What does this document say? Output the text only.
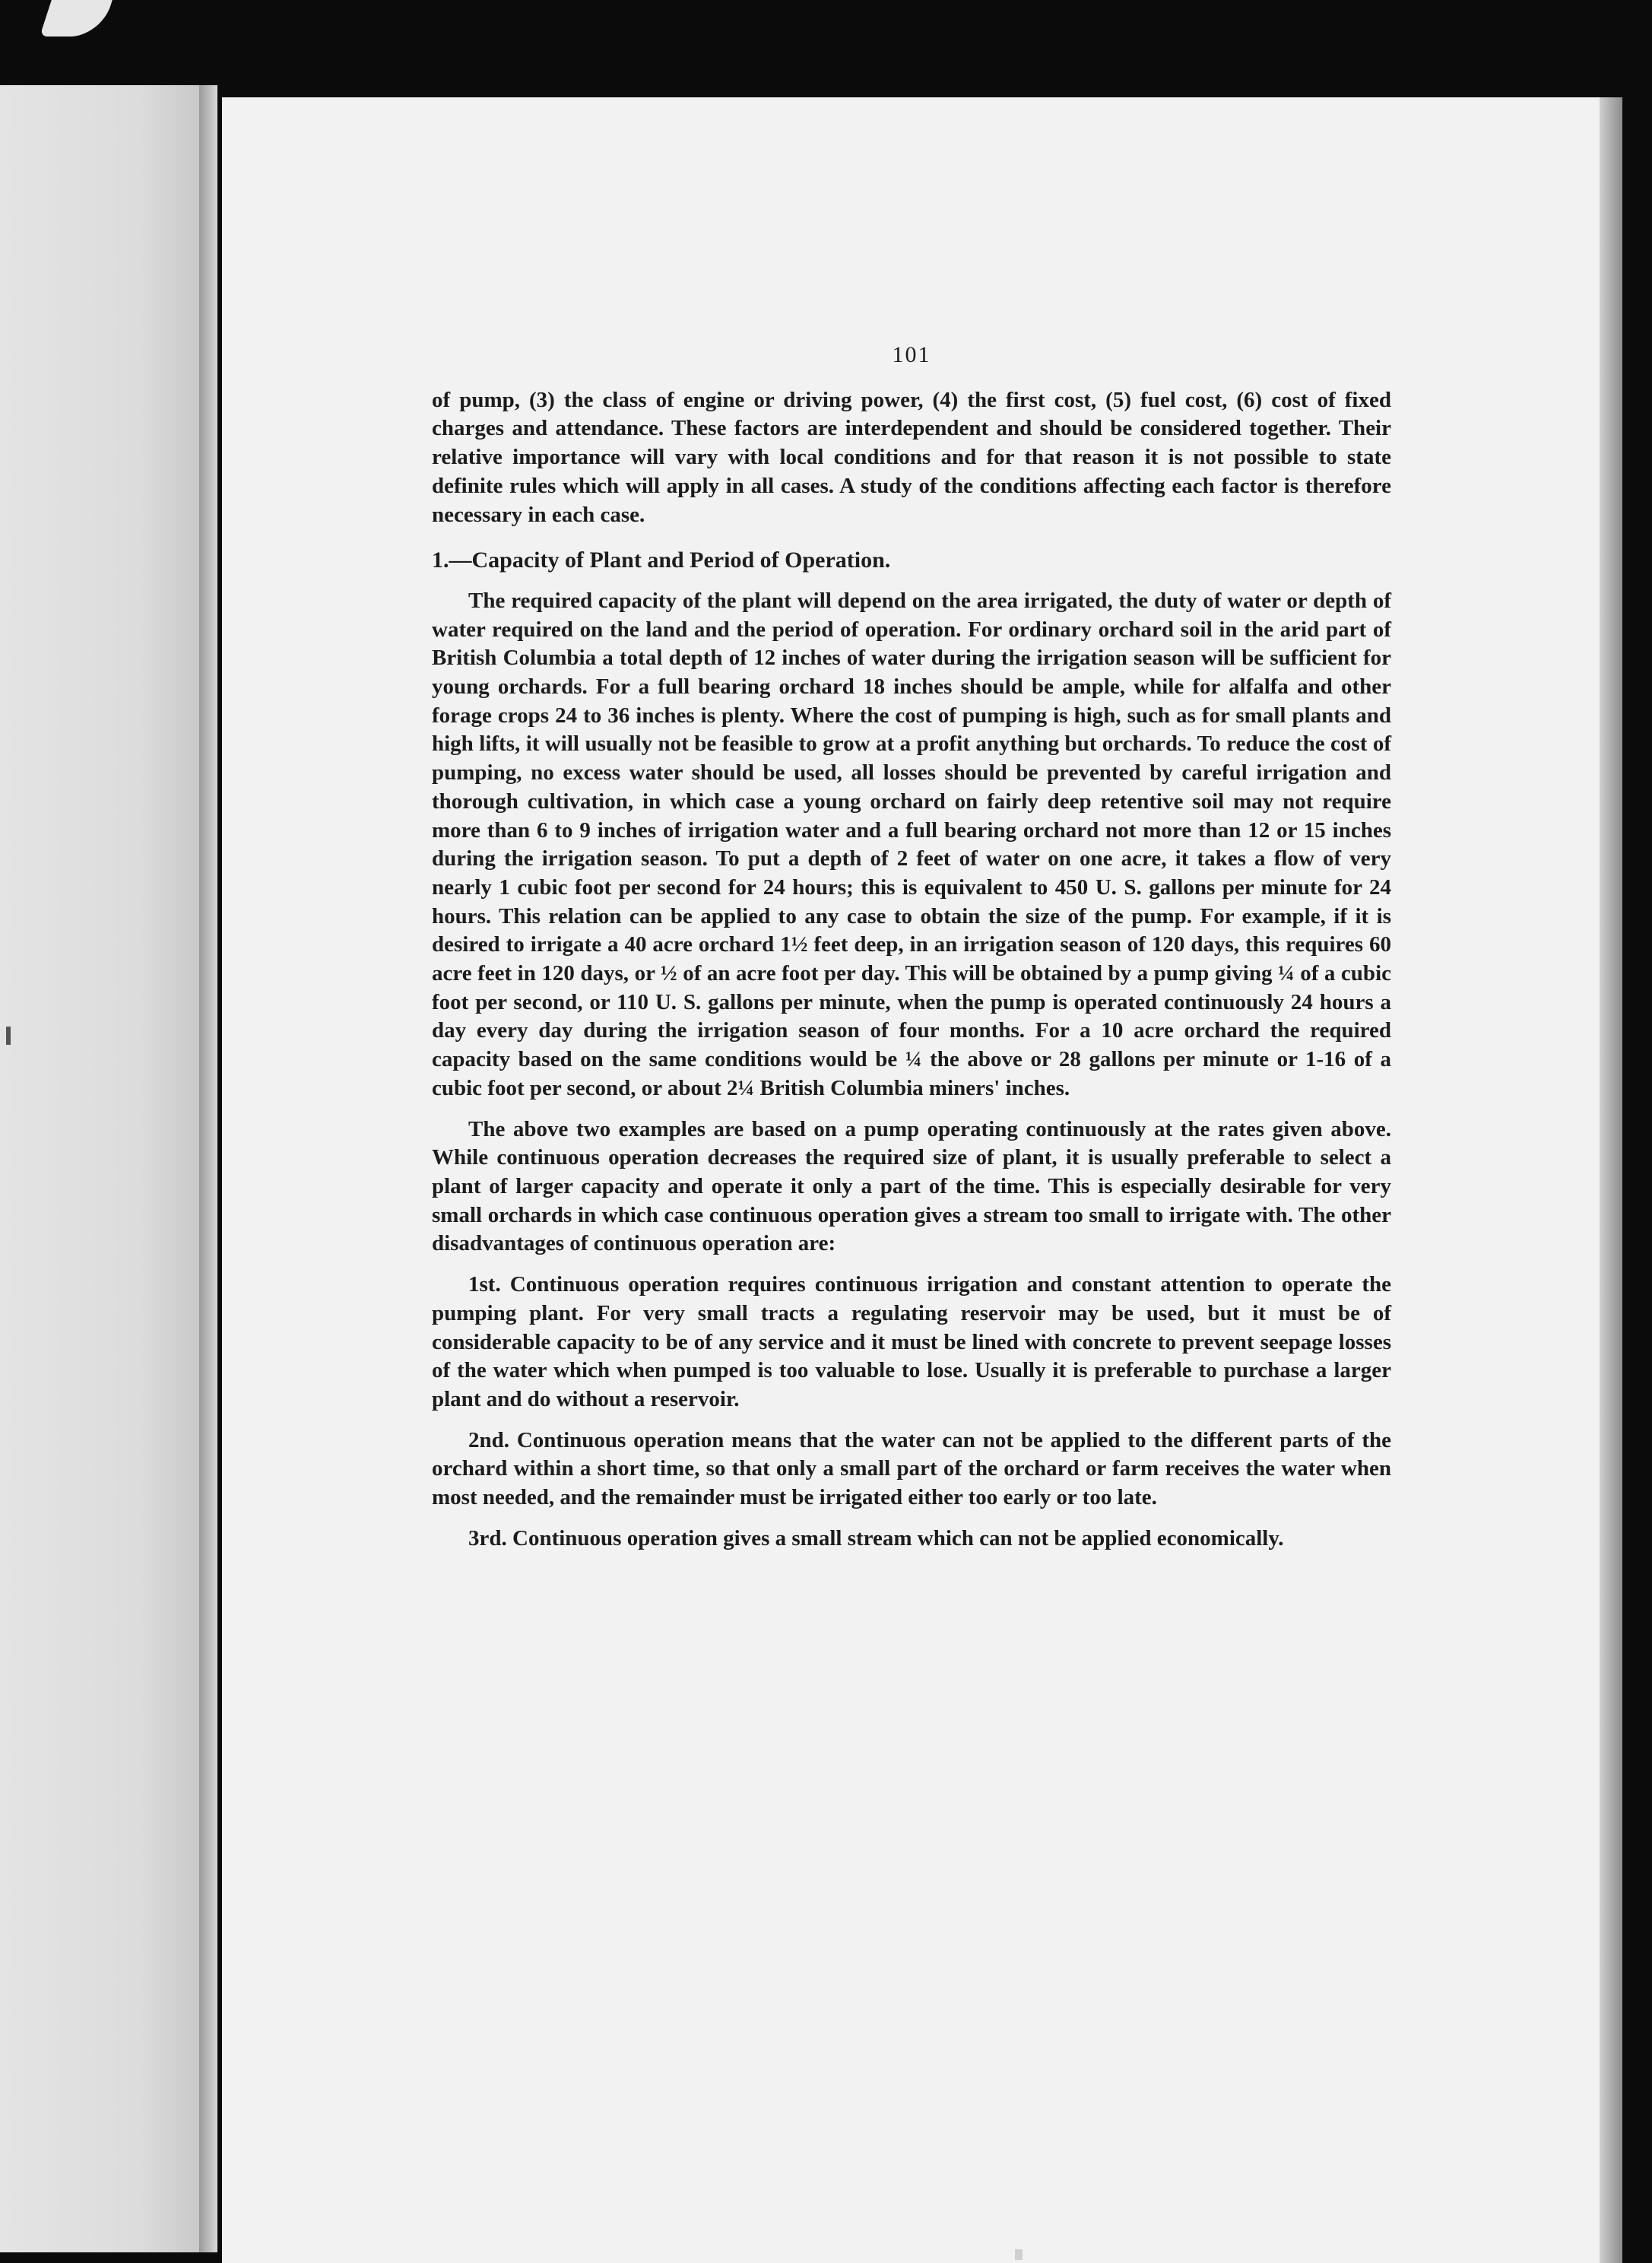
101

of pump, (3) the class of engine or driving power, (4) the first cost, (5) fuel cost, (6) cost of fixed charges and attendance. These factors are interdependent and should be considered together. Their relative importance will vary with local conditions and for that reason it is not possible to state definite rules which will apply in all cases. A study of the conditions affecting each factor is therefore necessary in each case.

1.—Capacity of Plant and Period of Operation.

The required capacity of the plant will depend on the area irrigated, the duty of water or depth of water required on the land and the period of operation. For ordinary orchard soil in the arid part of British Columbia a total depth of 12 inches of water during the irrigation season will be sufficient for young orchards. For a full bearing orchard 18 inches should be ample, while for alfalfa and other forage crops 24 to 36 inches is plenty. Where the cost of pumping is high, such as for small plants and high lifts, it will usually not be feasible to grow at a profit anything but orchards. To reduce the cost of pumping, no excess water should be used, all losses should be prevented by careful irrigation and thorough cultivation, in which case a young orchard on fairly deep retentive soil may not require more than 6 to 9 inches of irrigation water and a full bearing orchard not more than 12 or 15 inches during the irrigation season. To put a depth of 2 feet of water on one acre, it takes a flow of very nearly 1 cubic foot per second for 24 hours; this is equivalent to 450 U. S. gallons per minute for 24 hours. This relation can be applied to any case to obtain the size of the pump. For example, if it is desired to irrigate a 40 acre orchard 1½ feet deep, in an irrigation season of 120 days, this requires 60 acre feet in 120 days, or ½ of an acre foot per day. This will be obtained by a pump giving ¼ of a cubic foot per second, or 110 U. S. gallons per minute, when the pump is operated continuously 24 hours a day every day during the irrigation season of four months. For a 10 acre orchard the required capacity based on the same conditions would be ¼ the above or 28 gallons per minute or 1-16 of a cubic foot per second, or about 2¼ British Columbia miners' inches.

The above two examples are based on a pump operating continuously at the rates given above. While continuous operation decreases the required size of plant, it is usually preferable to select a plant of larger capacity and operate it only a part of the time. This is especially desirable for very small orchards in which case continuous operation gives a stream too small to irrigate with. The other disadvantages of continuous operation are:

1st. Continuous operation requires continuous irrigation and constant attention to operate the pumping plant. For very small tracts a regulating reservoir may be used, but it must be of considerable capacity to be of any service and it must be lined with concrete to prevent seepage losses of the water which when pumped is too valuable to lose. Usually it is preferable to purchase a larger plant and do without a reservoir.

2nd. Continuous operation means that the water can not be applied to the different parts of the orchard within a short time, so that only a small part of the orchard or farm receives the water when most needed, and the remainder must be irrigated either too early or too late.

3rd. Continuous operation gives a small stream which can not be applied economically.
